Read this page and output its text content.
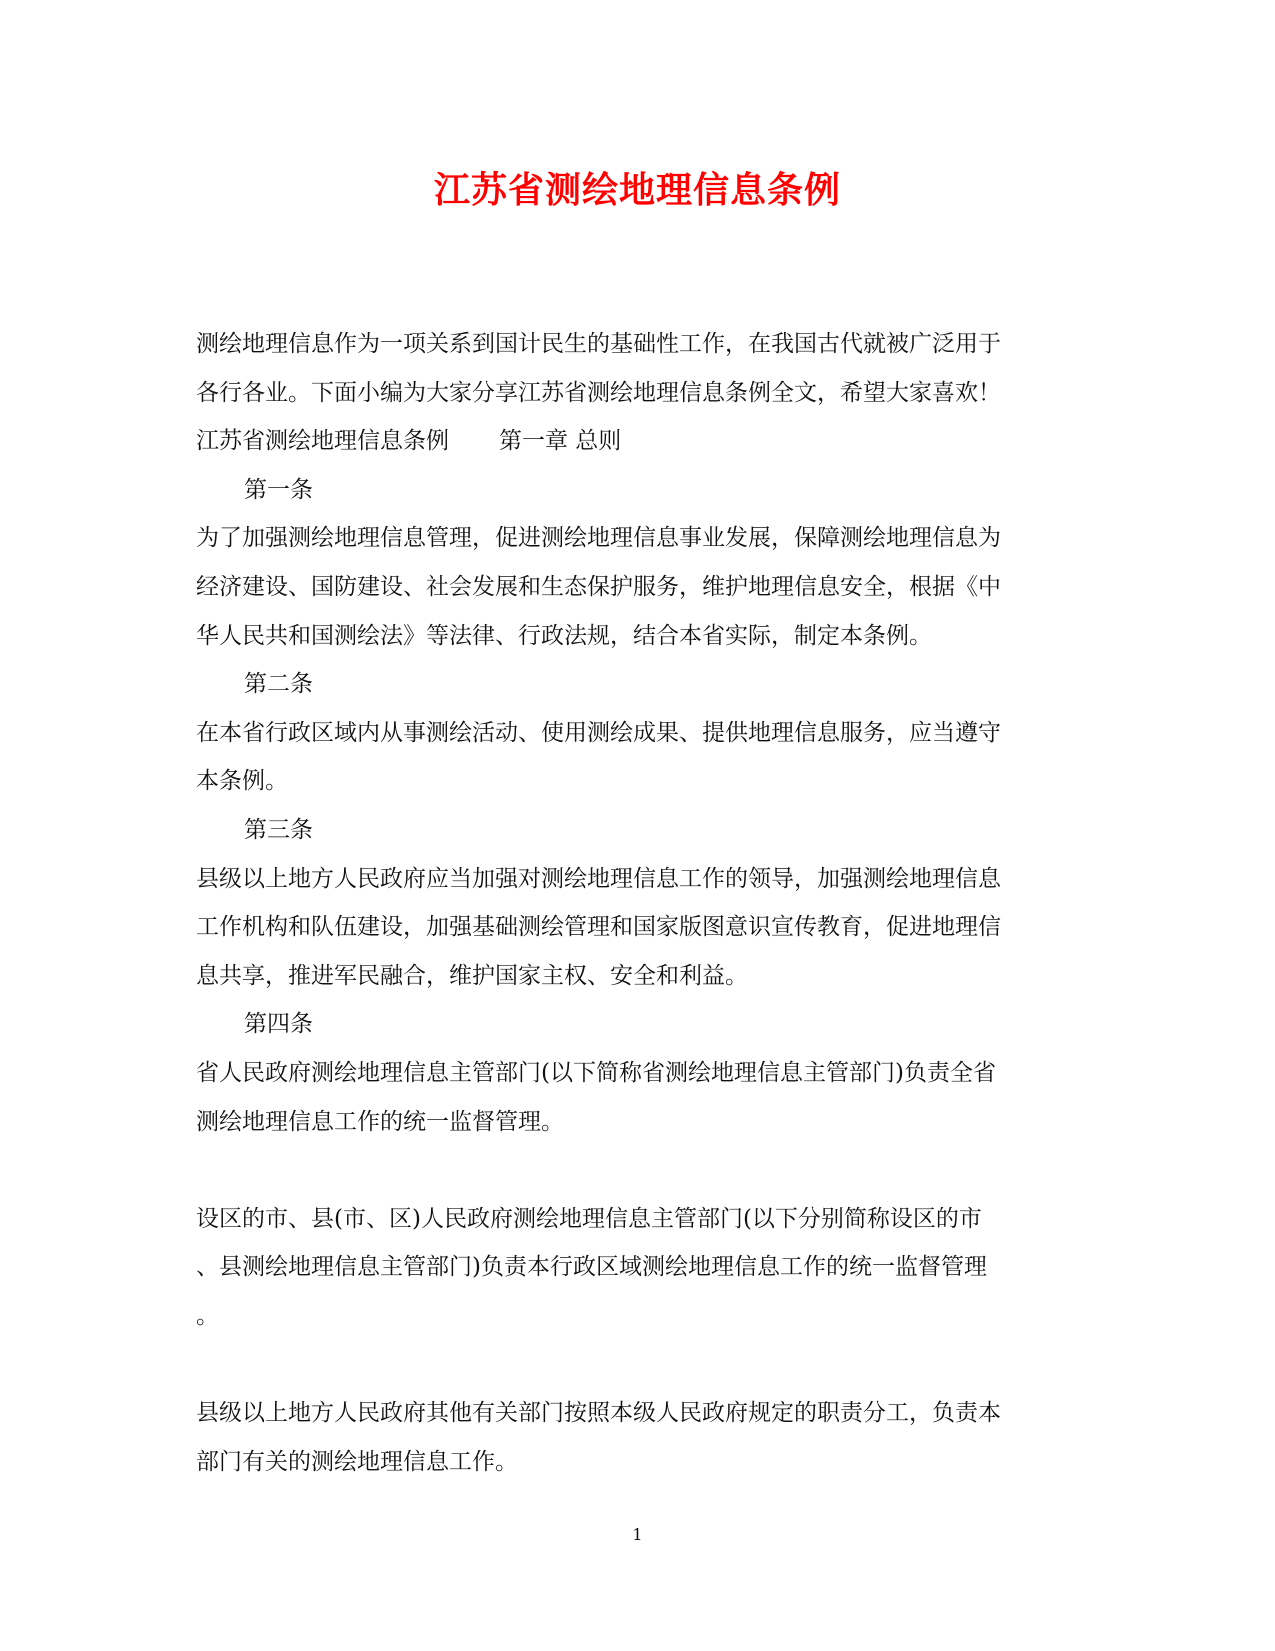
江苏省测绘地理信息条例
测绘地理信息作为一项关系到国计民生的基础性工作，在我国古代就被广泛用于
各行各业。下面小编为大家分享江苏省测绘地理信息条例全文，希望大家喜欢！
江苏省测绘地理信息条例 第一章 总则
第一条
为了加强测绘地理信息管理，促进测绘地理信息事业发展，保障测绘地理信息为
经济建设、国防建设、社会发展和生态保护服务，维护地理信息安全，根据《中
华人民共和国测绘法》等法律、行政法规，结合本省实际，制定本条例。
第二条
在本省行政区域内从事测绘活动、使用测绘成果、提供地理信息服务，应当遵守
本条例。
第三条
县级以上地方人民政府应当加强对测绘地理信息工作的领导，加强测绘地理信息
工作机构和队伍建设，加强基础测绘管理和国家版图意识宣传教育，促进地理信
息共享，推进军民融合，维护国家主权、安全和利益。
第四条
省人民政府测绘地理信息主管部门(以下简称省测绘地理信息主管部门)负责全省
测绘地理信息工作的统一监督管理。
设区的市、县(市、区)人民政府测绘地理信息主管部门(以下分别简称设区的市
、县测绘地理信息主管部门)负责本行政区域测绘地理信息工作的统一监督管理
。
县级以上地方人民政府其他有关部门按照本级人民政府规定的职责分工，负责本
部门有关的测绘地理信息工作。
1
